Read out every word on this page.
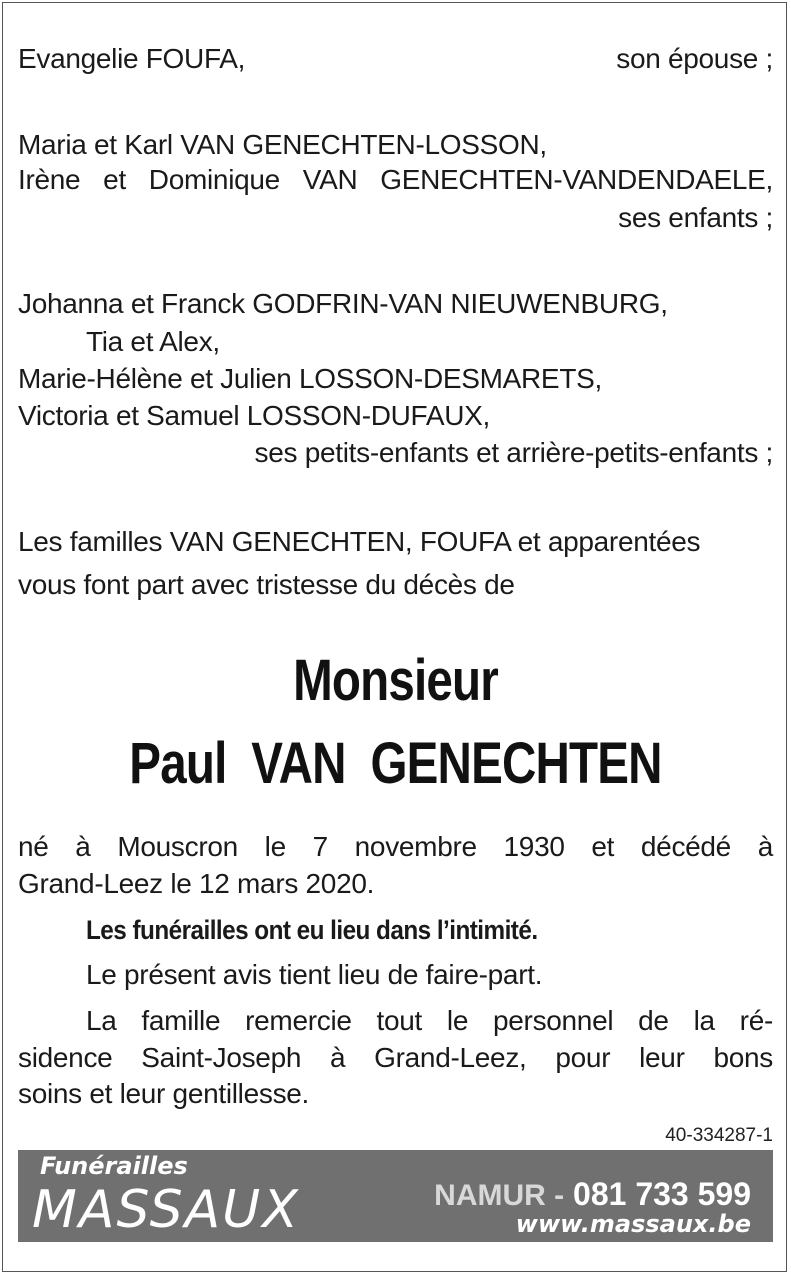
Evangelie FOUFA,	son épouse ;
Maria et Karl VAN GENECHTEN-LOSSON,
Irène et Dominique VAN GENECHTEN-VANDENDAELE,
ses enfants ;
Johanna et Franck GODFRIN-VAN NIEUWENBURG,
Tia et Alex,
Marie-Hélène et Julien LOSSON-DESMARETS,
Victoria et Samuel LOSSON-DUFAUX,
ses petits-enfants et arrière-petits-enfants ;
Les familles VAN GENECHTEN, FOUFA et apparentées
vous font part avec tristesse du décès de
Monsieur
Paul  VAN  GENECHTEN
né à Mouscron le 7 novembre 1930 et décédé à
Grand-Leez le 12 mars 2020.
Les funérailles ont eu lieu dans l’intimité.
Le présent avis tient lieu de faire-part.
La famille remercie tout le personnel de la ré-
sidence Saint-Joseph à Grand-Leez, pour leur bons
soins et leur gentillesse.
40-334287-1
Funérailles
MASSAUX	NAMUR - 081 733 599
www.massaux.be
